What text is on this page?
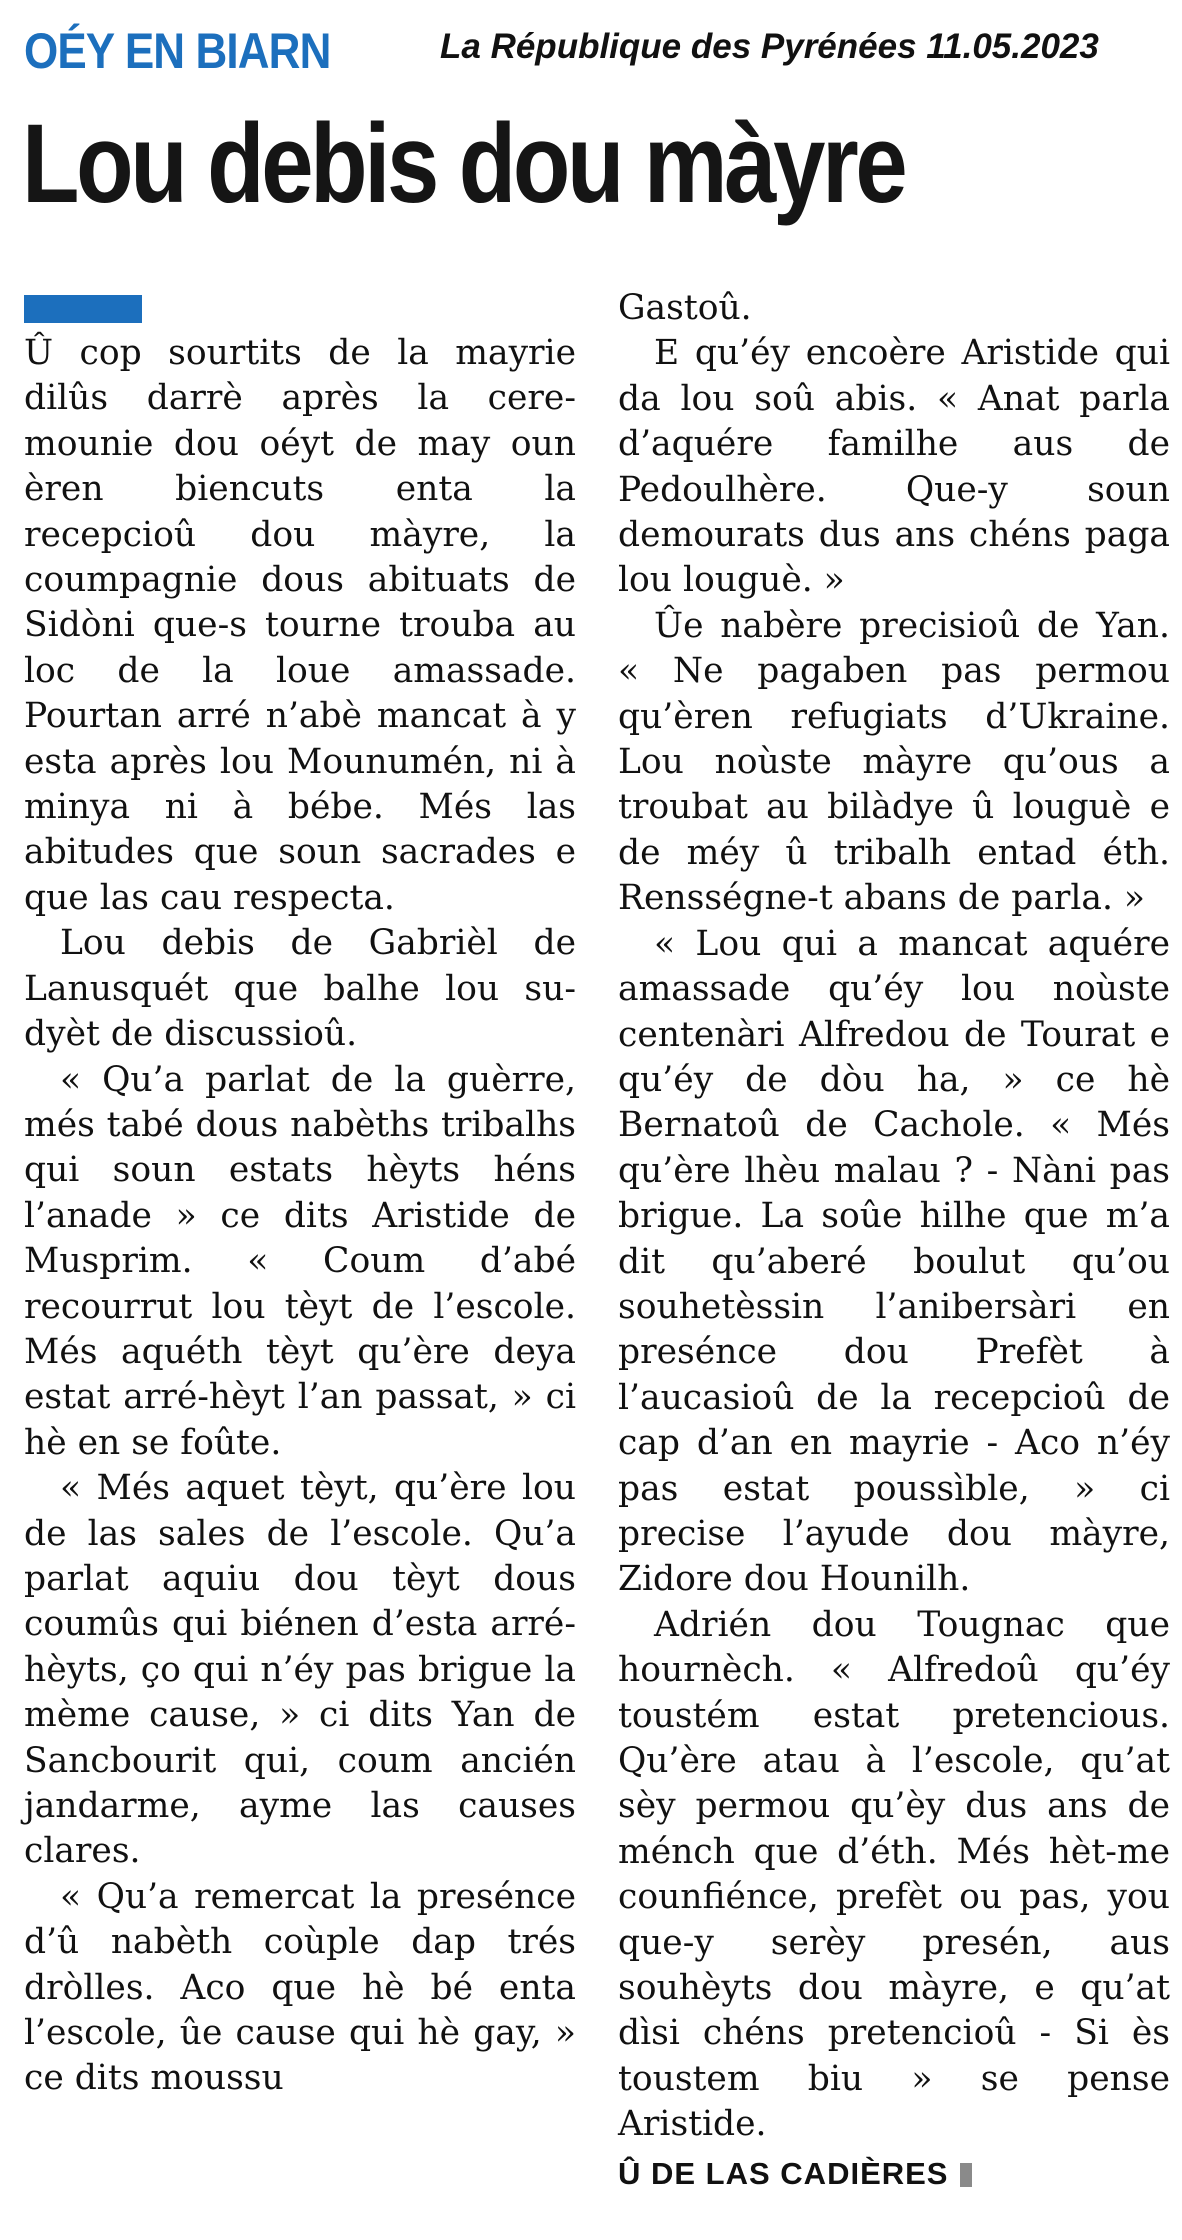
OÉY EN BIARN	La République des Pyrénées 11.05.2023
Lou debis dou màyre

Û cop sourtits de la mayrie dilûs darrè après la ceremounie dou oéyt de may oun èren biencuts enta la recepcioû dou màyre, la coumpagnie dous abituats de Sidòni que-s tourne trouba au loc de la loue amassade. Pourtan arré n’abè mancat à y esta après lou Mounumén, ni à minya ni à bébe. Més las abitudes que soun sacrades e que las cau respecta.

Lou debis de Gabrièl de Lanusquét que balhe lou sudyèt de discussioû.

« Qu’a parlat de la guèrre, més tabé dous nabèths tribalhs qui soun estats hèyts héns l’anade » ce dits Aristide de Musprim. « Coum d’abé recourrut lou tèyt de l’escole. Més aquéth tèyt qu’ère deya estat arré-hèyt l’an passat, » ci hè en se foûte.

« Més aquet tèyt, qu’ère lou de las sales de l’escole. Qu’a parlat aquiu dou tèyt dous coumûs qui biénen d’esta arré-hèyts, ço qui n’éy pas brigue la mème cause, » ci dits Yan de Sancbourit qui, coum ancién jandarme, ayme las causes clares.

« Qu’a remercat la presénce d’û nabèth coùple dap trés dròlles. Aco que hè bé enta l’escole, ûe cause qui hè gay, » ce dits moussu

Gastoû.

E qu’éy encoère Aristide qui da lou soû abis. « Anat parla d’aquére familhe aus de Pedoulhère. Que-y soun demourats dus ans chéns paga lou louguè. »

Ûe nabère precisioû de Yan. « Ne pagaben pas permou qu’èren refugiats d’Ukraine. Lou noùste màyre qu’ous a troubat au bilàdye û louguè e de méy û tribalh entad éth. Rensségne-t abans de parla. »

« Lou qui a mancat aquére amassade qu’éy lou noùste centenàri Alfredou de Tourat e qu’éy de dòu ha, » ce hè Bernatoû de Cachole. « Més qu’ère lhèu malau ? - Nàni pas brigue. La soûe hilhe que m’a dit qu’aberé boulut qu’ou souhetèssin l’anibersàri en presénce dou Prefèt à l’aucasioû de la recepcioû de cap d’an en mayrie - Aco n’éy pas estat poussìble, » ci precise l’ayude dou màyre, Zidore dou Hounilh.

Adrién dou Tougnac que hournèch. « Alfredoû qu’éy toustém estat pretencious. Qu’ère atau à l’escole, qu’at sèy permou qu’èy dus ans de ménch que d’éth. Més hèt-me counfiénce, prefèt ou pas, you que-y serèy presén, aus souhèyts dou màyre, e qu’at dìsi chéns pretencioû - Si ès toustem biu » se pense Aristide.

Û DE LAS CADIÈRES
